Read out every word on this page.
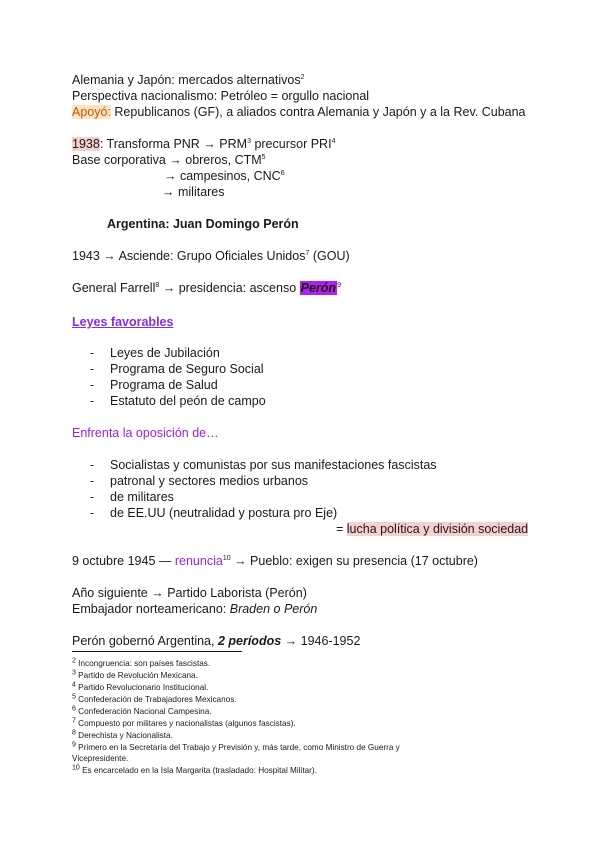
Alemania y Japón: mercados alternativos$^2$
Perspectiva nacionalismo: Petróleo = orgullo nacional
Apoyó: Republicanos (GF), a aliados contra Alemania y Japón y a la Rev. Cubana
1938: Transforma PNR → $PRM^3$ precursor PRI$^4$
Base corporativa → obreros, $CTM^5$
→ campesinos, $CNC^6$
→ militares
Argentina: Juan Domingo Perón
1943 → Asciende: Grupo Oficiales Unidos$^7$ (GOU)
General Farrell$^8$ → presidencia: ascenso Perón$^9$
Leyes favorables
- Leyes de Jubilación
- Programa de Seguro Social
- Programa de Salud
- Estatuto del peón de campo
Enfrenta la oposición de…
- Socialistas y comunistas por sus manifestaciones fascistas
- patronal y sectores medios urbanos
- de militares
- de EE.UU (neutralidad y postura pro Eje)
= lucha política y división sociedad
9 octubre 1945 — renuncia$^{10}$ → Pueblo: exigen su presencia (17 octubre)
Año siguiente → Partido Laborista (Perón)
Embajador norteamericano: Braden o Perón
Perón gobernó Argentina, 2 períodos → 1946-1952
$^2$ Incongruencia: son países fascistas.
$^3$ Partido de Revolución Mexicana.
$^4$ Partido Revolucionario Institucional.
$^5$ Confederación de Trabajadores Mexicanos.
$^6$ Confederación Nacional Campesina.
$^7$ Compuesto por militares y nacionalistas (algunos fascistas).
$^8$ Derechista y Nacionalista.
$^9$ Primero en la Secretaría del Trabajo y Previsión y, más tarde, como Ministro de Guerra y
Vicepresidente.
$^{10}$ Es encarcelado en la Isla Margarita (trasladado: Hospital Militar).
